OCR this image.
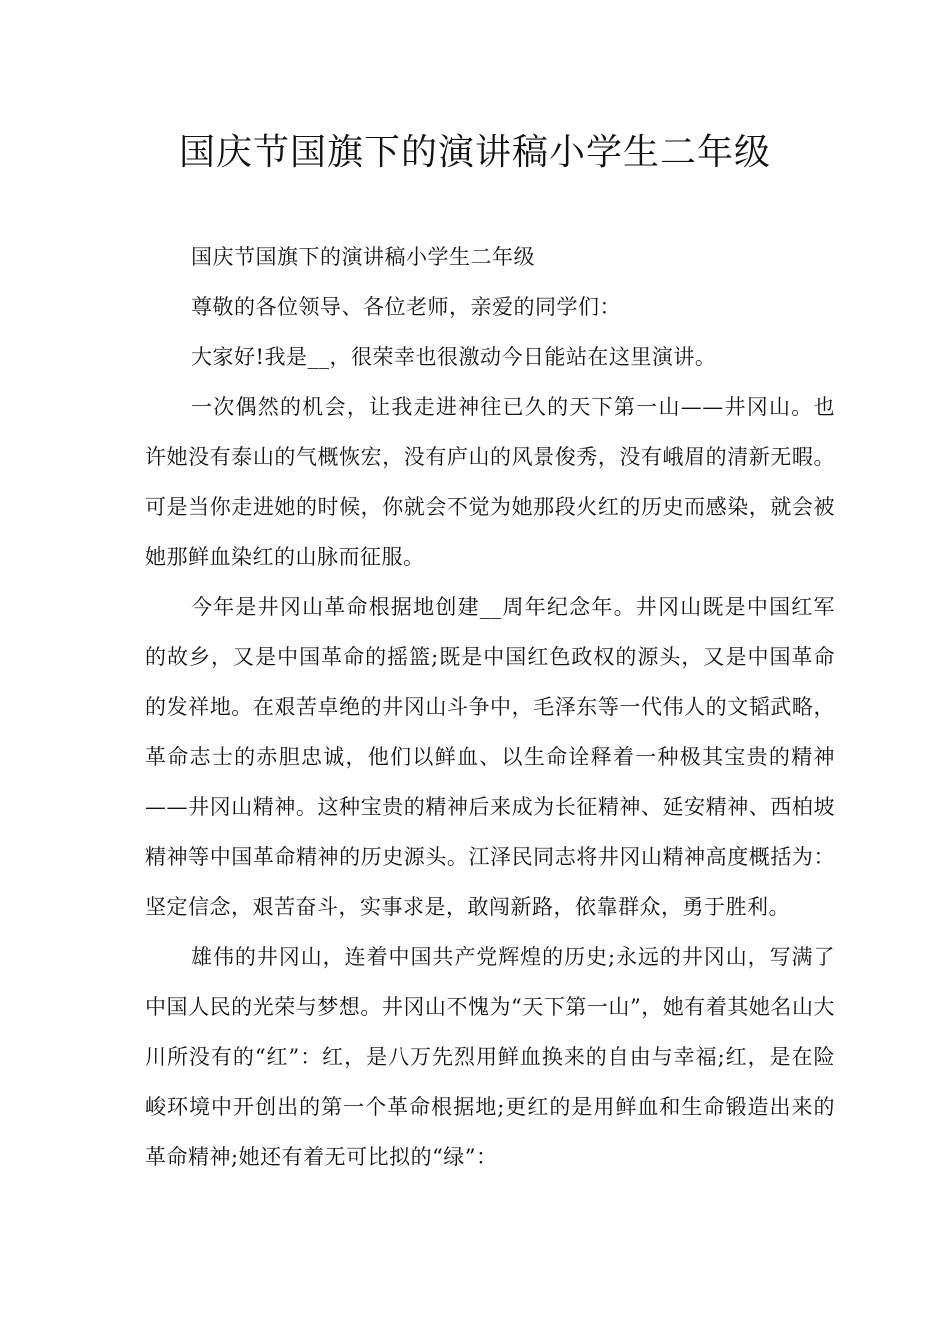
国庆节国旗下的演讲稿小学生二年级

国庆节国旗下的演讲稿小学生二年级

尊敬的各位领导、各位老师，亲爱的同学们：

大家好!我是__，很荣幸也很激动今日能站在这里演讲。

一次偶然的机会，让我走进神往已久的天下第一山——井冈山。也许她没有泰山的气概恢宏，没有庐山的风景俊秀，没有峨眉的清新无暇。可是当你走进她的时候，你就会不觉为她那段火红的历史而感染，就会被她那鲜血染红的山脉而征服。

今年是井冈山革命根据地创建__周年纪念年。井冈山既是中国红军的故乡，又是中国革命的摇篮;既是中国红色政权的源头，又是中国革命的发祥地。在艰苦卓绝的井冈山斗争中，毛泽东等一代伟人的文韬武略，革命志士的赤胆忠诚，他们以鲜血、以生命诠释着一种极其宝贵的精神——井冈山精神。这种宝贵的精神后来成为长征精神、延安精神、西柏坡精神等中国革命精神的历史源头。江泽民同志将井冈山精神高度概括为：坚定信念，艰苦奋斗，实事求是，敢闯新路，依靠群众，勇于胜利。

雄伟的井冈山，连着中国共产党辉煌的历史;永远的井冈山，写满了中国人民的光荣与梦想。井冈山不愧为“天下第一山”，她有着其她名山大川所没有的“红”：红，是八万先烈用鲜血换来的自由与幸福;红，是在险峻环境中开创出的第一个革命根据地;更红的是用鲜血和生命锻造出来的革命精神;她还有着无可比拟的“绿”：
